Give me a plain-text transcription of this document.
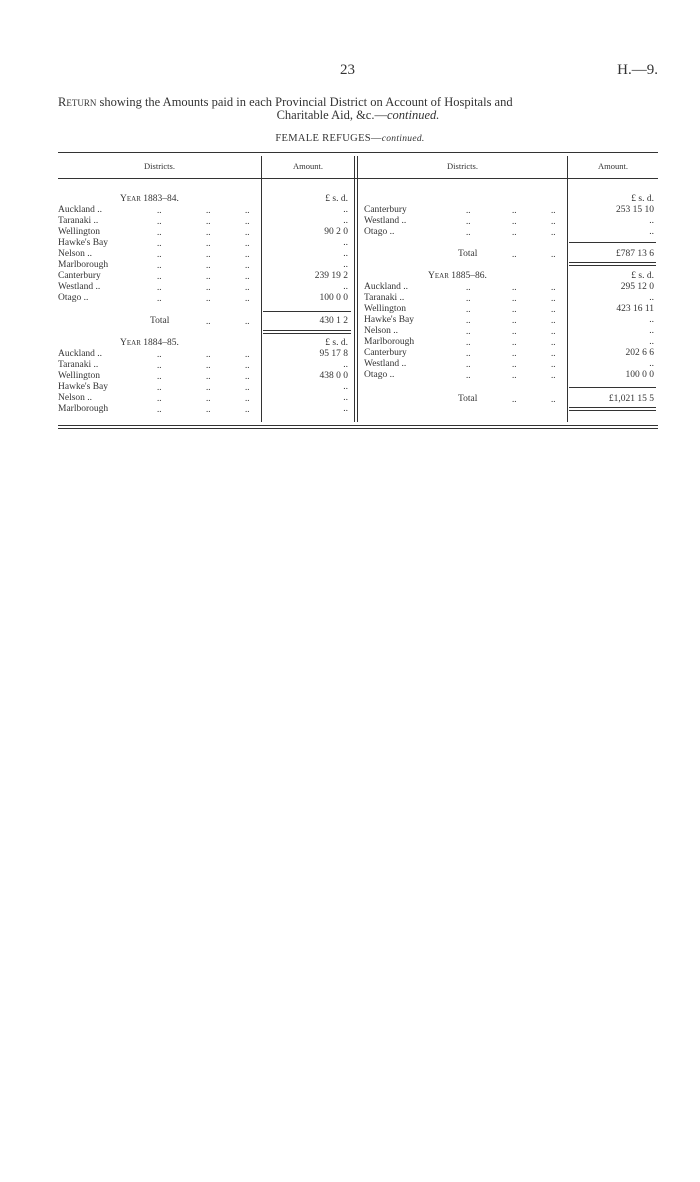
23	H.—9.
Return showing the Amounts paid in each Provincial District on Account of Hospitals and
Charitable Aid, &c.—continued.
FEMALE REFUGES—continued.
Districts.	Amount.	Districts.	Amount.
Year 1883–84.	£ s. d.
Auckland ..	..	..	..	..
Taranaki ..	..	..	..	..
Wellington	..	..	..	90 2 0
Hawke's Bay	..	..	..	..
Nelson ..	..	..	..	..
Marlborough	..	..	..	..
Canterbury	..	..	..	239 19 2
Westland ..	..	..	..	..
Otago ..	..	..	..	100 0 0
Total	..	..	430 1 2
Year 1884–85.	£ s. d.
Auckland ..	..	..	..	95 17 8
Taranaki ..	..	..	..	..
Wellington	..	..	..	438 0 0
Hawke's Bay	..	..	..	..
Nelson ..	..	..	..	..
Marlborough	..	..	..	..
£ s. d.
Canterbury	..	..	..	253 15 10
Westland ..	..	..	..	..
Otago ..	..	..	..	..
Total	..	..	£787 13 6
Year 1885–86.	£ s. d.
Auckland ..	..	..	..	295 12 0
Taranaki ..	..	..	..	..
Wellington	..	..	..	423 16 11
Hawke's Bay	..	..	..	..
Nelson ..	..	..	..	..
Marlborough	..	..	..	..
Canterbury	..	..	..	202 6 6
Westland ..	..	..	..	..
Otago ..	..	..	..	100 0 0
Total	..	..	£1,021 15 5
